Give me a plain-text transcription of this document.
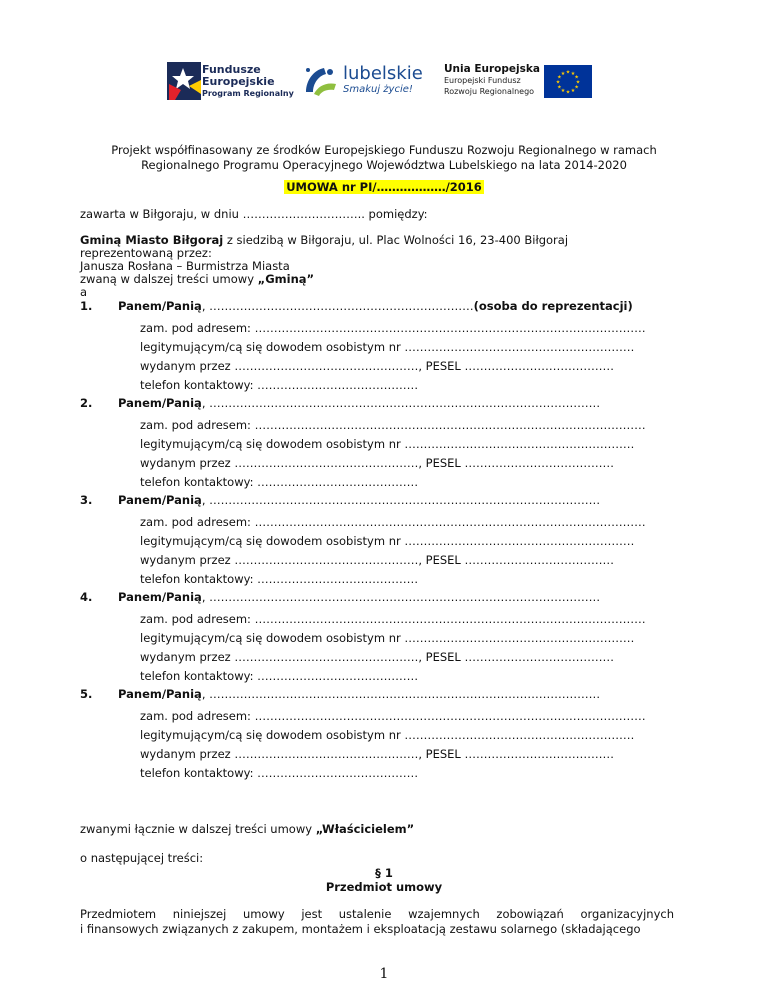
Fundusze
Europejskie
Program Regionalny
lubelskie
Smakuj życie!
Unia Europejska
Europejski Fundusz
Rozwoju Regionalnego
★ ★
★
★
★
★
★
★
★
★
★
★
Projekt współfinasowany ze środków Europejskiego Funduszu Rozwoju Regionalnego w ramach
Regionalnego Programu Operacyjnego Województwa Lubelskiego na lata 2014-2020
UMOWA nr PI/………………/2016
zawarta w Biłgoraju, w dniu ………………………….. pomiędzy:
Gminą Miasto Biłgoraj z siedzibą w Biłgoraju, ul. Plac Wolności 16, 23-400 Biłgoraj
reprezentowaną przez:
Janusza Rosłana – Burmistrza Miasta
zwaną w dalszej treści umowy „Gminą”
a
1. Panem/Panią, ……………………………………………………………(osoba do reprezentacji)
zam. pod adresem: …………………………………………………………………………………………
legitymującym/cą się dowodem osobistym nr ……………………………………………………
wydanym przez …………………………………………, PESEL …………………………………
telefon kontaktowy: ……………………………………
2. Panem/Panią, …………………………………………………………………………………………
zam. pod adresem: …………………………………………………………………………………………
legitymującym/cą się dowodem osobistym nr ……………………………………………………
wydanym przez …………………………………………, PESEL …………………………………
telefon kontaktowy: ……………………………………
3. Panem/Panią, …………………………………………………………………………………………
zam. pod adresem: …………………………………………………………………………………………
legitymującym/cą się dowodem osobistym nr ……………………………………………………
wydanym przez …………………………………………, PESEL …………………………………
telefon kontaktowy: ……………………………………
4. Panem/Panią, …………………………………………………………………………………………
zam. pod adresem: …………………………………………………………………………………………
legitymującym/cą się dowodem osobistym nr ……………………………………………………
wydanym przez …………………………………………, PESEL …………………………………
telefon kontaktowy: ……………………………………
5. Panem/Panią, …………………………………………………………………………………………
zam. pod adresem: …………………………………………………………………………………………
legitymującym/cą się dowodem osobistym nr ……………………………………………………
wydanym przez …………………………………………, PESEL …………………………………
telefon kontaktowy: ……………………………………
zwanymi łącznie w dalszej treści umowy „Właścicielem”
o następującej treści:
§ 1
Przedmiot umowy
Przedmiotem niniejszej umowy jest ustalenie wzajemnych zobowiązań organizacyjnych
i finansowych związanych z zakupem, montażem i eksploatacją zestawu solarnego (składającego
1
